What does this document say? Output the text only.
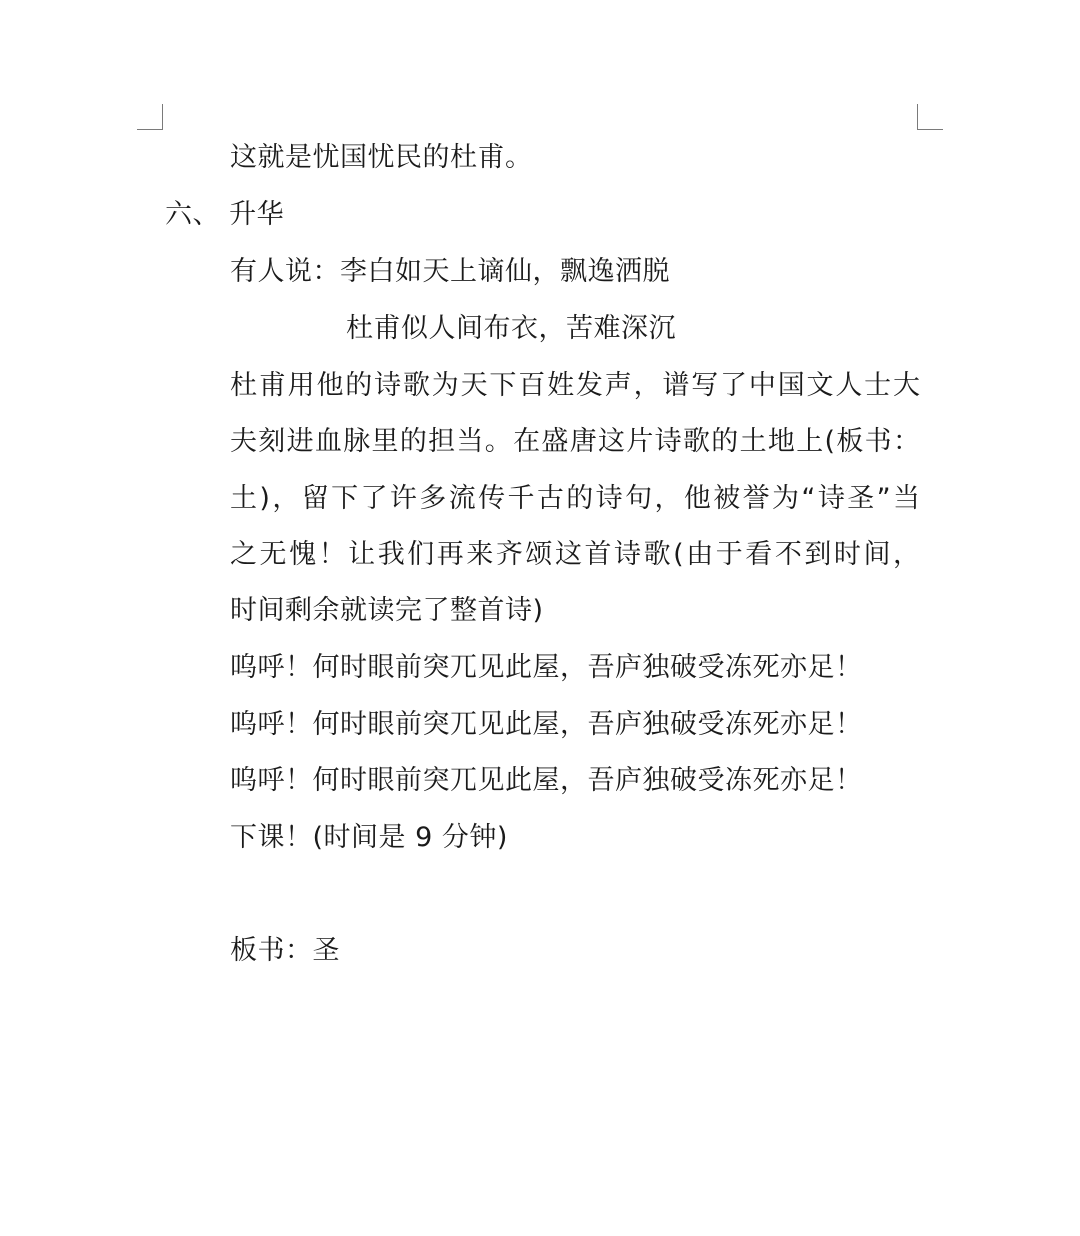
这就是忧国忧民的杜甫。
六、 升华
有人说：李白如天上谪仙，飘逸洒脱
杜甫似人间布衣，苦难深沉
杜甫用他的诗歌为天下百姓发声，谱写了中国文人士大
夫刻进血脉里的担当。在盛唐这片诗歌的土地上(板书：
土)，留下了许多流传千古的诗句，他被誉为“诗圣”当
之无愧！让我们再来齐颂这首诗歌(由于看不到时间，
时间剩余就读完了整首诗)
呜呼！何时眼前突兀见此屋，吾庐独破受冻死亦足！
呜呼！何时眼前突兀见此屋，吾庐独破受冻死亦足！
呜呼！何时眼前突兀见此屋，吾庐独破受冻死亦足！
下课！(时间是 9 分钟)
板书：圣
